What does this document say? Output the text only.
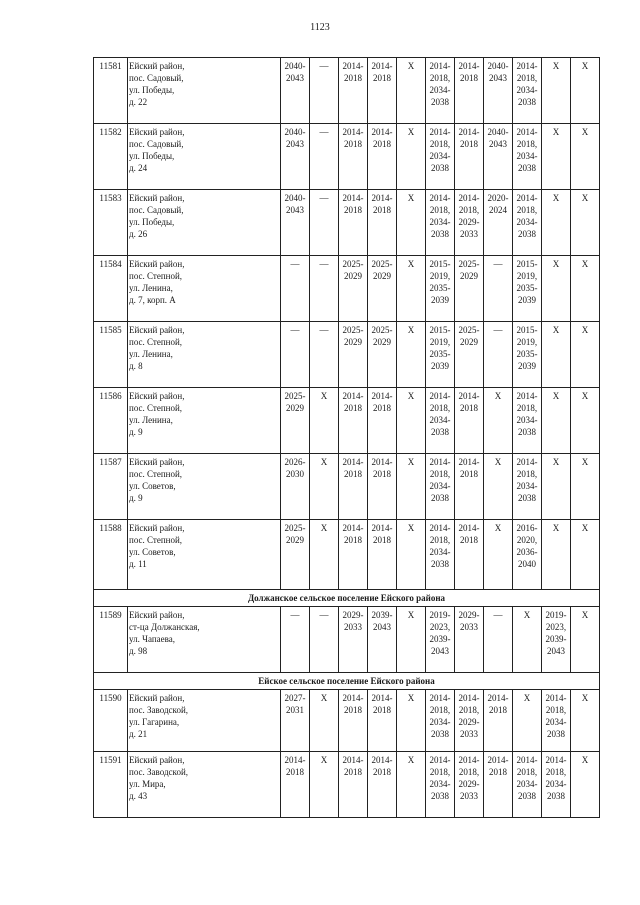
1123
11581	Ейский район,
пос. Садовый,
ул. Победы,
д. 22	2040-
2043	—	2014-
2018	2014-
2018	X	2014-
2018,
2034-
2038	2014-
2018	2040-
2043	2014-
2018,
2034-
2038	X	X

11582	Ейский район,
пос. Садовый,
ул. Победы,
д. 24	2040-
2043	—	2014-
2018	2014-
2018	X	2014-
2018,
2034-
2038	2014-
2018	2040-
2043	2014-
2018,
2034-
2038	X	X

11583	Ейский район,
пос. Садовый,
ул. Победы,
д. 26	2040-
2043	—	2014-
2018	2014-
2018	X	2014-
2018,
2034-
2038	2014-
2018,
2029-
2033	2020-
2024	2014-
2018,
2034-
2038	X	X

11584	Ейский район,
пос. Степной,
ул. Ленина,
д. 7, корп. А	—	—	2025-
2029	2025-
2029	X	2015-
2019,
2035-
2039	2025-
2029	—	2015-
2019,
2035-
2039	X	X

11585	Ейский район,
пос. Степной,
ул. Ленина,
д. 8	—	—	2025-
2029	2025-
2029	X	2015-
2019,
2035-
2039	2025-
2029	—	2015-
2019,
2035-
2039	X	X

11586	Ейский район,
пос. Степной,
ул. Ленина,
д. 9	2025-
2029	X	2014-
2018	2014-
2018	X	2014-
2018,
2034-
2038	2014-
2018	X	2014-
2018,
2034-
2038	X	X

11587	Ейский район,
пос. Степной,
ул. Советов,
д. 9	2026-
2030	X	2014-
2018	2014-
2018	X	2014-
2018,
2034-
2038	2014-
2018	X	2014-
2018,
2034-
2038	X	X

11588	Ейский район,
пос. Степной,
ул. Советов,
д. 11	2025-
2029	X	2014-
2018	2014-
2018	X	2014-
2018,
2034-
2038	2014-
2018	X	2016-
2020,
2036-
2040	X	X

Должанское сельское поселение Ейского района												
11589	Ейский район,
ст-ца Должанская,
ул. Чапаева,
д. 98	—	—	2029-
2033	2039-
2043	X	2019-
2023,
2039-
2043	2029-
2033	—	X	2019-
2023,
2039-
2043	X

Ейское сельское поселение Ейского района												
11590	Ейский район,
пос. Заводской,
ул. Гагарина,
д. 21	2027-
2031	X	2014-
2018	2014-
2018	X	2014-
2018,
2034-
2038	2014-
2018,
2029-
2033	2014-
2018	X	2014-
2018,
2034-
2038	X

11591	Ейский район,
пос. Заводской,
ул. Мира,
д. 43	2014-
2018	X	2014-
2018	2014-
2018	X	2014-
2018,
2034-
2038	2014-
2018,
2029-
2033	2014-
2018	2014-
2018,
2034-
2038	2014-
2018,
2034-
2038	X
